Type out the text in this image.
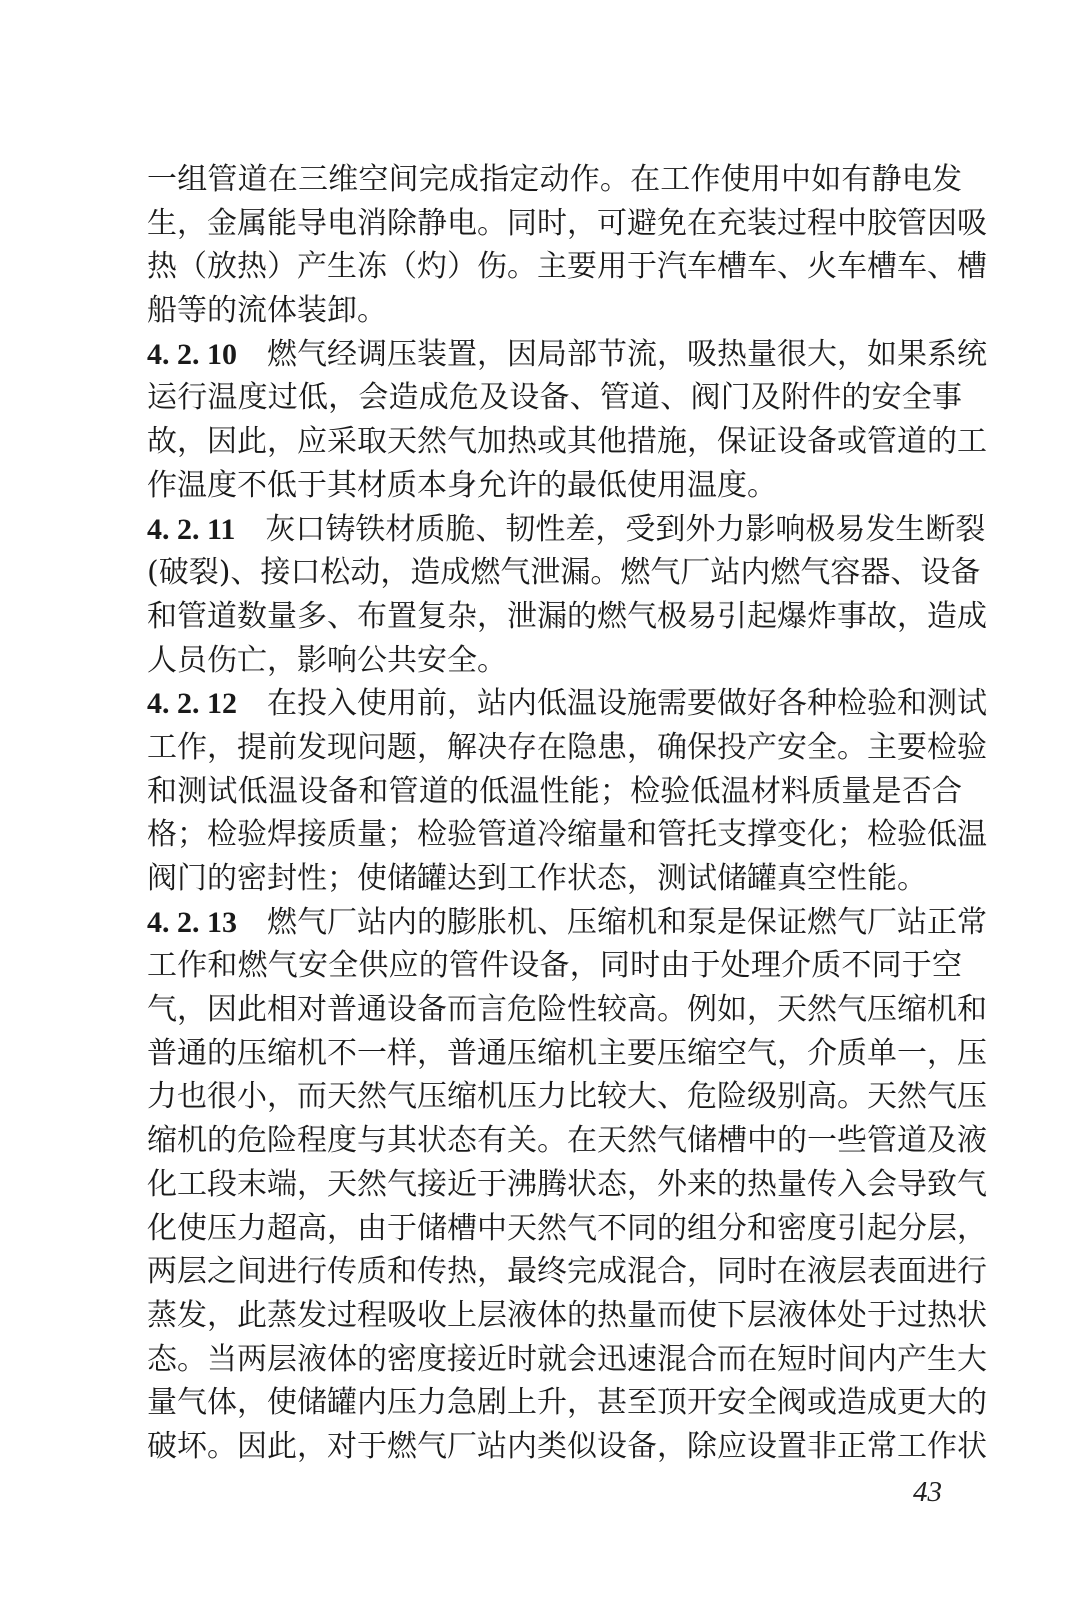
一组管道在三维空间完成指定动作。在工作使用中如有静电发
生，金属能导电消除静电。同时，可避免在充装过程中胶管因吸
热（放热）产生冻（灼）伤。主要用于汽车槽车、火车槽车、槽
船等的流体装卸。
4. 2. 10  燃气经调压装置，因局部节流，吸热量很大，如果系统
运行温度过低，会造成危及设备、管道、阀门及附件的安全事
故，因此，应采取天然气加热或其他措施，保证设备或管道的工
作温度不低于其材质本身允许的最低使用温度。
4. 2. 11  灰口铸铁材质脆、韧性差，受到外力影响极易发生断裂
(破裂)、接口松动，造成燃气泄漏。燃气厂站内燃气容器、设备
和管道数量多、布置复杂，泄漏的燃气极易引起爆炸事故，造成
人员伤亡，影响公共安全。
4. 2. 12  在投入使用前，站内低温设施需要做好各种检验和测试
工作，提前发现问题，解决存在隐患，确保投产安全。主要检验
和测试低温设备和管道的低温性能；检验低温材料质量是否合
格；检验焊接质量；检验管道冷缩量和管托支撑变化；检验低温
阀门的密封性；使储罐达到工作状态，测试储罐真空性能。
4. 2. 13  燃气厂站内的膨胀机、压缩机和泵是保证燃气厂站正常
工作和燃气安全供应的管件设备，同时由于处理介质不同于空
气，因此相对普通设备而言危险性较高。例如，天然气压缩机和
普通的压缩机不一样，普通压缩机主要压缩空气，介质单一，压
力也很小，而天然气压缩机压力比较大、危险级别高。天然气压
缩机的危险程度与其状态有关。在天然气储槽中的一些管道及液
化工段末端，天然气接近于沸腾状态，外来的热量传入会导致气
化使压力超高，由于储槽中天然气不同的组分和密度引起分层，
两层之间进行传质和传热，最终完成混合，同时在液层表面进行
蒸发，此蒸发过程吸收上层液体的热量而使下层液体处于过热状
态。当两层液体的密度接近时就会迅速混合而在短时间内产生大
量气体，使储罐内压力急剧上升，甚至顶开安全阀或造成更大的
破坏。因此，对于燃气厂站内类似设备，除应设置非正常工作状
43
